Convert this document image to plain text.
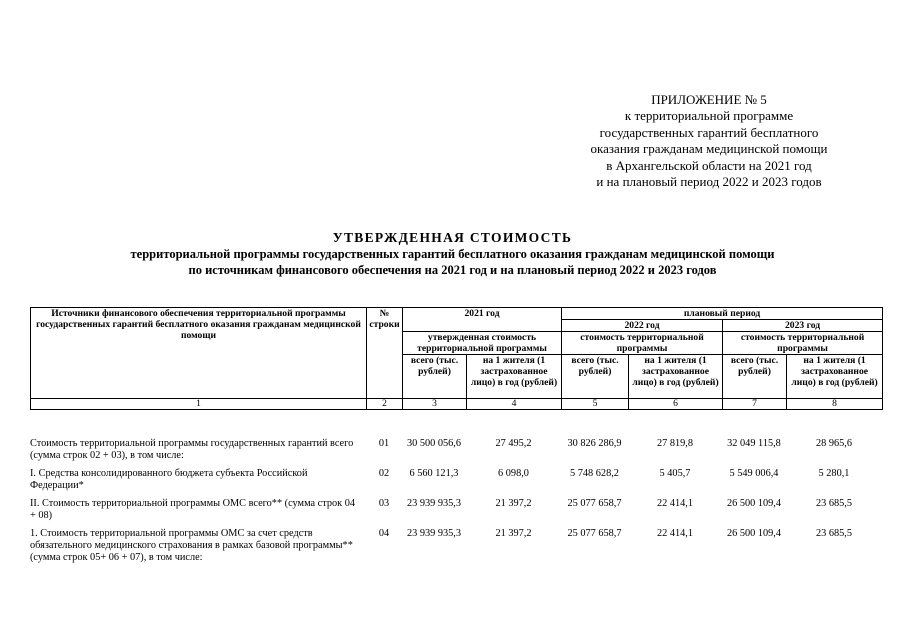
ПРИЛОЖЕНИЕ № 5
к территориальной программе
государственных гарантий бесплатного
оказания гражданам медицинской помощи
в Архангельской области на 2021 год
и на плановый период 2022 и 2023 годов
УТВЕРЖДЕННАЯ СТОИМОСТЬ
территориальной программы государственных гарантий бесплатного оказания гражданам медицинской помощи
по источникам финансового обеспечения на 2021 год и на плановый период 2022 и 2023 годов
Источники финансового обеспечения территориальной программы государственных гарантий бесплатного оказания гражданам медицинской помощи	№ строки	2021 год		плановый период			
				2022 год		2023 год	
		утвержденная стоимость территориальной программы		стоимость территориальной программы		стоимость территориальной программы	
		всего (тыс. рублей)	на 1 жителя (1 застрахованное лицо) в год (рублей)	всего (тыс. рублей)	на 1 жителя (1 застрахованное лицо) в год (рублей)	всего (тыс. рублей)	на 1 жителя (1 застрахованное лицо) в год (рублей)
1	2	3	4	5	6	7	8
Стоимость территориальной программы государственных гарантий всего (сумма строк 02 + 03), в том числе:	01	30 500 056,6	27 495,2	30 826 286,9	27 819,8	32 049 115,8	28 965,6
I. Средства консолидированного бюджета субъекта Российской Федерации*	02	6 560 121,3	6 098,0	5 748 628,2	5 405,7	5 549 006,4	5 280,1
II. Стоимость территориальной программы ОМС всего** (сумма строк 04 + 08)	03	23 939 935,3	21 397,2	25 077 658,7	22 414,1	26 500 109,4	23 685,5
1. Стоимость территориальной программы ОМС за счет средств обязательного медицинского страхования в рамках базовой программы** (сумма строк 05+ 06 + 07), в том числе:	04	23 939 935,3	21 397,2	25 077 658,7	22 414,1	26 500 109,4	23 685,5
